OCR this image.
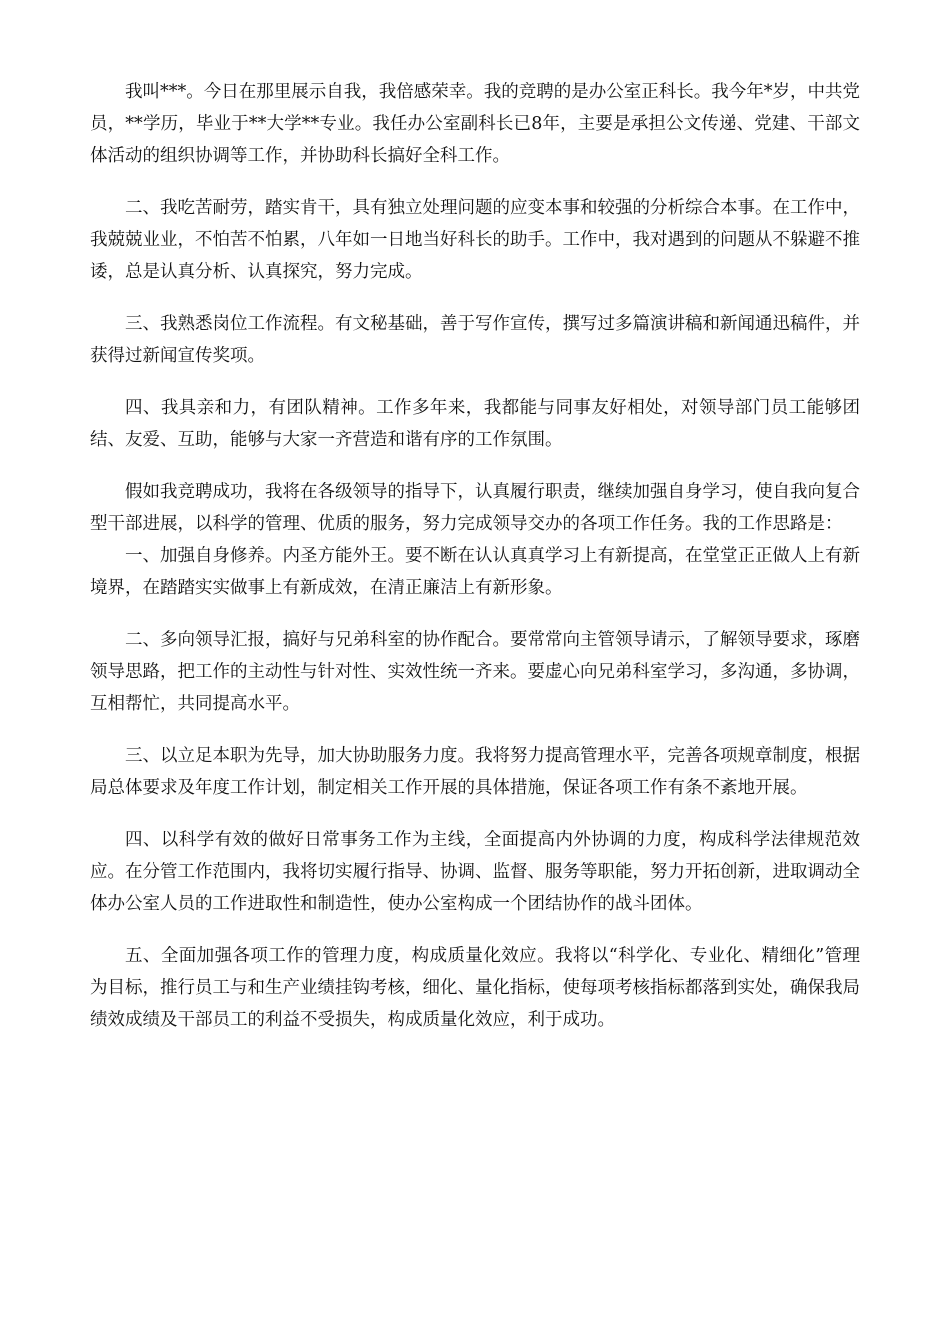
我叫***。今日在那里展示自我，我倍感荣幸。我的竞聘的是办公室正科长。我今年*岁，中共党员，**学历，毕业于**大学**专业。我任办公室副科长已8年，主要是承担公文传递、党建、干部文体活动的组织协调等工作，并协助科长搞好全科工作。

二、我吃苦耐劳，踏实肯干，具有独立处理问题的应变本事和较强的分析综合本事。在工作中，我兢兢业业，不怕苦不怕累，八年如一日地当好科长的助手。工作中，我对遇到的问题从不躲避不推诿，总是认真分析、认真探究，努力完成。

三、我熟悉岗位工作流程。有文秘基础，善于写作宣传，撰写过多篇演讲稿和新闻通迅稿件，并获得过新闻宣传奖项。

四、我具亲和力，有团队精神。工作多年来，我都能与同事友好相处，对领导部门员工能够团结、友爱、互助，能够与大家一齐营造和谐有序的工作氛围。

假如我竞聘成功，我将在各级领导的指导下，认真履行职责，继续加强自身学习，使自我向复合型干部进展，以科学的管理、优质的服务，努力完成领导交办的各项工作任务。我的工作思路是：

一、加强自身修养。内圣方能外王。要不断在认认真真学习上有新提高，在堂堂正正做人上有新境界，在踏踏实实做事上有新成效，在清正廉洁上有新形象。

二、多向领导汇报，搞好与兄弟科室的协作配合。要常常向主管领导请示，了解领导要求，琢磨领导思路，把工作的主动性与针对性、实效性统一齐来。要虚心向兄弟科室学习，多沟通，多协调，互相帮忙，共同提高水平。

三、以立足本职为先导，加大协助服务力度。我将努力提高管理水平，完善各项规章制度，根据局总体要求及年度工作计划，制定相关工作开展的具体措施，保证各项工作有条不紊地开展。

四、以科学有效的做好日常事务工作为主线，全面提高内外协调的力度，构成科学法律规范效应。在分管工作范围内，我将切实履行指导、协调、监督、服务等职能，努力开拓创新，进取调动全体办公室人员的工作进取性和制造性，使办公室构成一个团结协作的战斗团体。

五、全面加强各项工作的管理力度，构成质量化效应。我将以“科学化、专业化、精细化”管理为目标，推行员工与和生产业绩挂钩考核，细化、量化指标，使每项考核指标都落到实处，确保我局绩效成绩及干部员工的利益不受损失，构成质量化效应，利于成功。
